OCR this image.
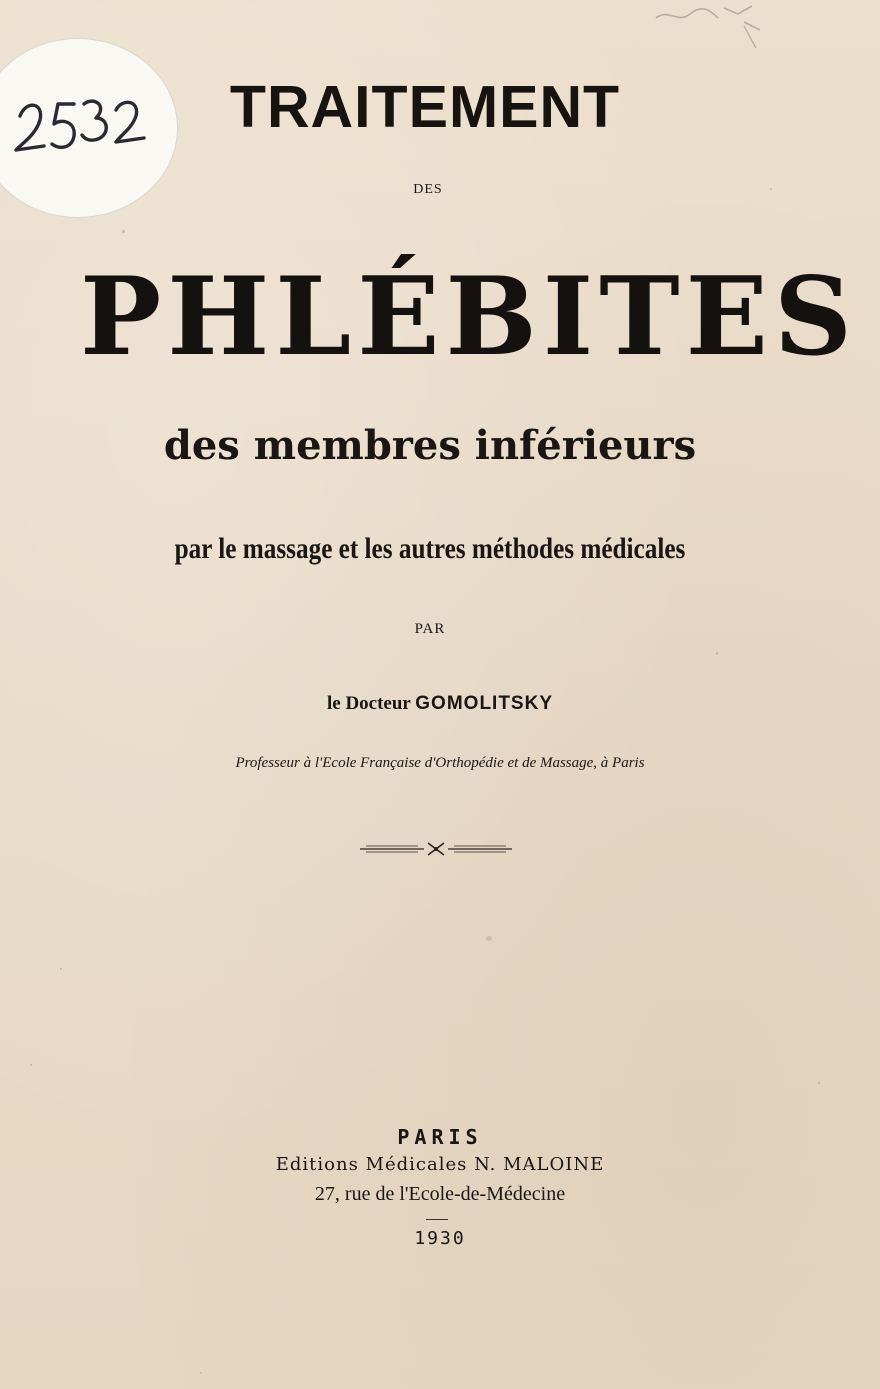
TRAITEMENT
DES
PHLÉBITES
des membres inférieurs
par le massage et les autres méthodes médicales
PAR
le Docteur GOMOLITSKY
Professeur à l'Ecole Française d'Orthopédie et de Massage, à Paris
PARIS
Editions Médicales N. MALOINE
27, rue de l'Ecole-de-Médecine
1930
